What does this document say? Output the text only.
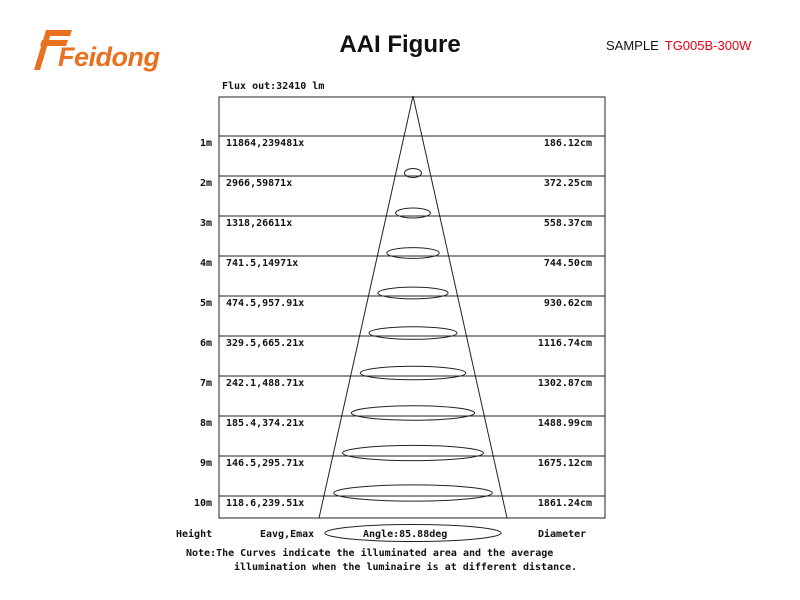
Feidong	AAI Figure	SAMPLE TG005B-300W
Flux out:32410 lm
1m 11864,239481x	186.12cm
2m 2966,59871x	372.25cm
3m 1318,26611x	558.37cm
4m 741.5,14971x	744.50cm
5m 474.5,957.91x	930.62cm
6m 329.5,665.21x	1116.74cm
7m 242.1,488.71x	1302.87cm
8m 185.4,374.21x	1488.99cm
9m 146.5,295.71x	1675.12cm
10m 118.6,239.51x	1861.24cm
Height	Eavg,Emax	Angle:85.88deg	Diameter
Note:The Curves indicate the illuminated area and the average
illumination when the luminaire is at different distance.
